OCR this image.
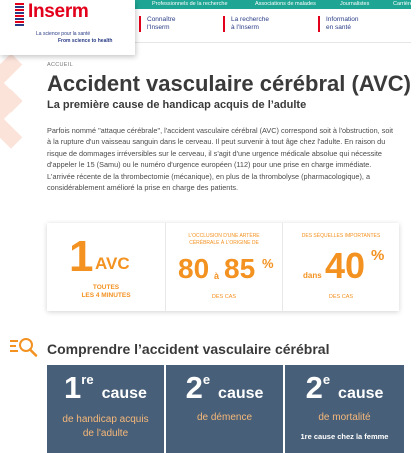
Professionnels de la recherche	Associations de malades	Journalistes	Carrières
Inserm
La science pour la santé
From science to health
Connaître
l'Inserm
La recherche
à l'Inserm
Information
en santé
ACCUEIL
Accident vasculaire cérébral (AVC)
La première cause de handicap acquis de l’adulte

Parfois nommé "attaque cérébrale", l'accident vasculaire cérébral (AVC) correspond soit à l'obstruction, soit à la rupture d'un vaisseau sanguin dans le cerveau. Il peut survenir à tout âge chez l'adulte. En raison du risque de dommages irréversibles sur le cerveau, il s'agit d'une urgence médicale absolue qui nécessite d'appeler le 15 (Samu) ou le numéro d'urgence européen (112) pour une prise en charge immédiate. L'arrivée récente de la thrombectomie (mécanique), en plus de la thrombolyse (pharmacologique), a considérablement amélioré la prise en charge des patients.

1 AVC
TOUTES
LES 4 MINUTES
L'OCCLUSION D'UNE ARTÈRE
CÉRÉBRALE À L'ORIGINE DE
80 à 85 %
DES CAS
DES SÉQUELLES IMPORTANTES
dans 40 %
DES CAS
Comprendre l’accident vasculaire cérébral
1recause
de handicap acquis
de l'adulte
2ecause
de démence
2ecause
de mortalité
1re cause chez la femme
